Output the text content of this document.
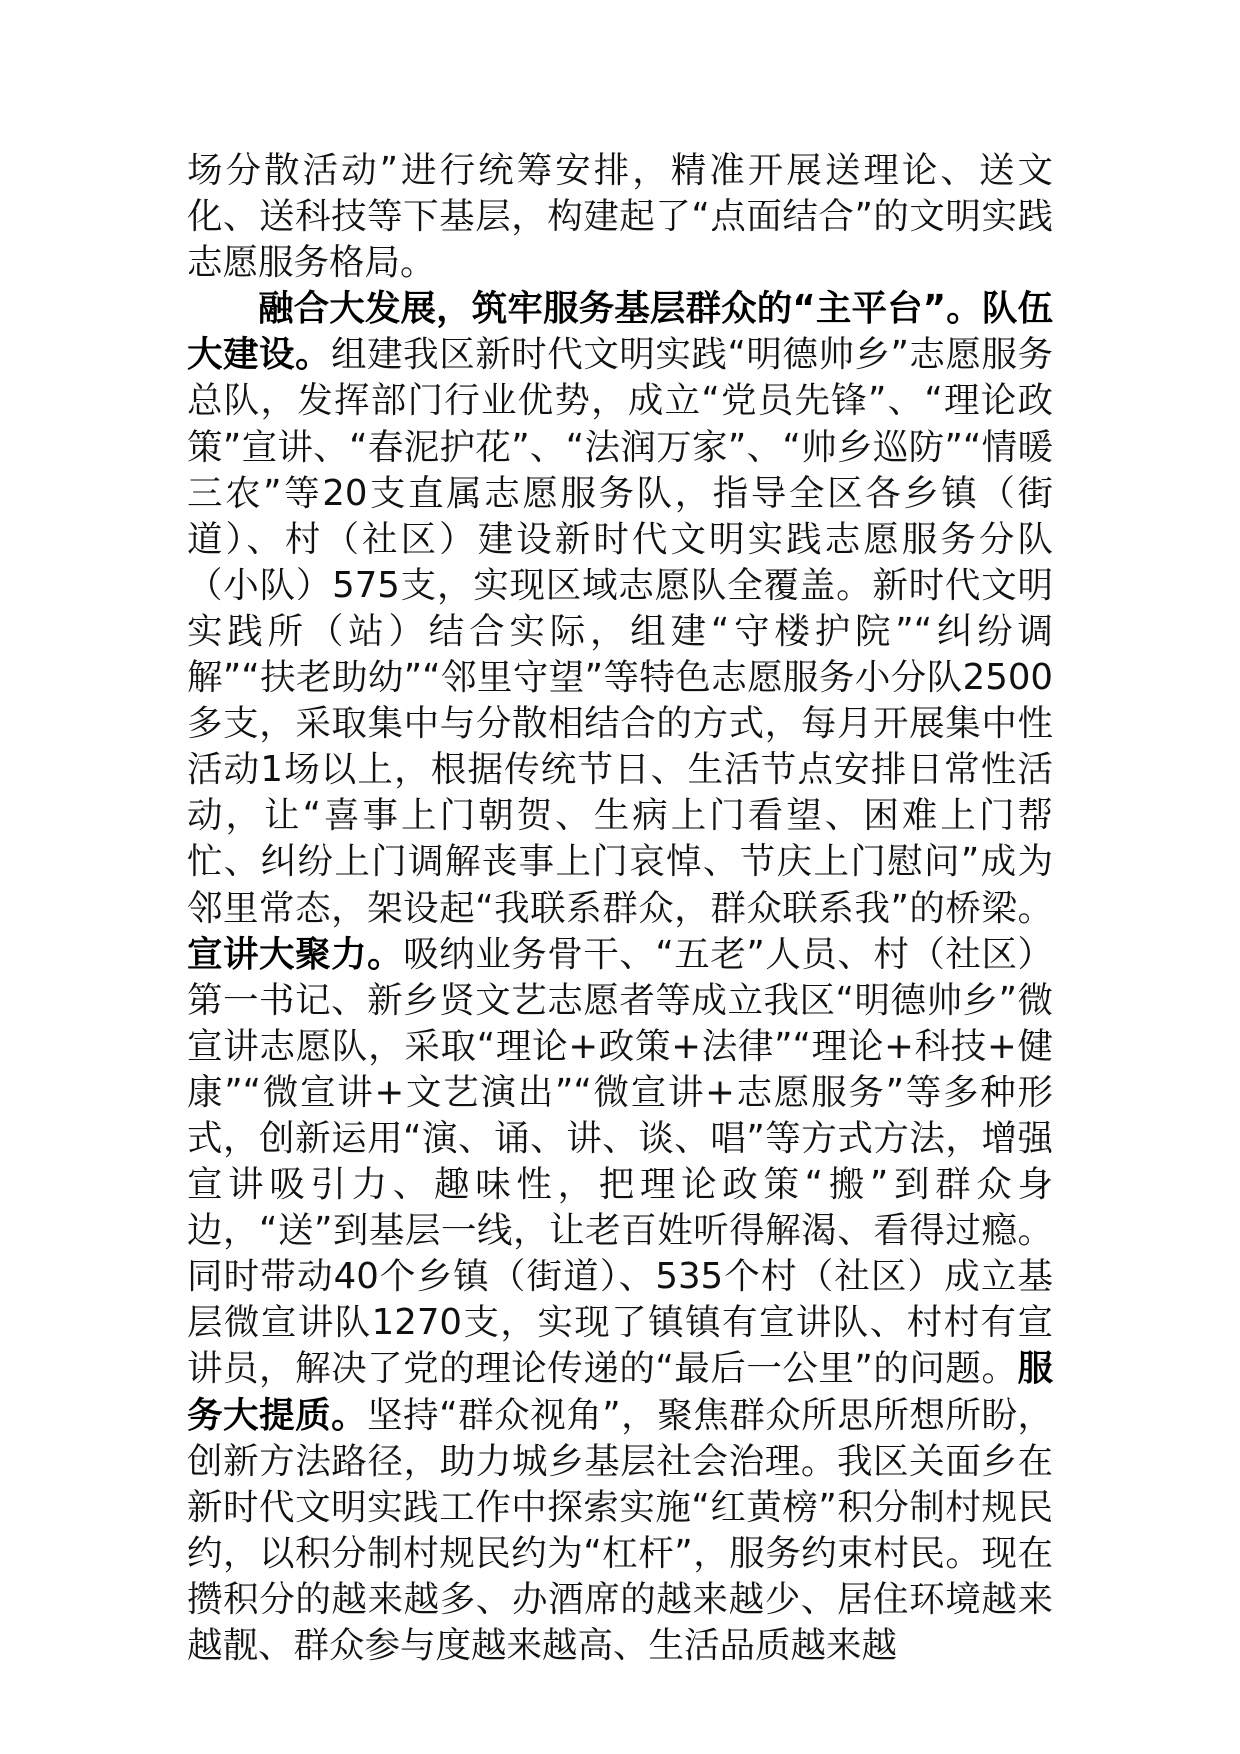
场分散活动”进行统筹安排，精准开展送理论、送文化、送科技等下基层，构建起了“点面结合”的文明实践志愿服务格局。

融合大发展，筑牢服务基层群众的“主平台”。队伍大建设。组建我区新时代文明实践“明德帅乡”志愿服务总队，发挥部门行业优势，成立“党员先锋”、“理论政策”宣讲、“春泥护花”、“法润万家”、“帅乡巡防”“情暖三农”等20支直属志愿服务队，指导全区各乡镇（街道）、村（社区）建设新时代文明实践志愿服务分队（小队）575支，实现区域志愿队全覆盖。新时代文明实践所（站）结合实际，组建“守楼护院”“纠纷调解”“扶老助幼”“邻里守望”等特色志愿服务小分队2500多支，采取集中与分散相结合的方式，每月开展集中性活动1场以上，根据传统节日、生活节点安排日常性活动，让“喜事上门朝贺、生病上门看望、困难上门帮忙、纠纷上门调解丧事上门哀悼、节庆上门慰问”成为邻里常态，架设起“我联系群众，群众联系我”的桥梁。宣讲大聚力。吸纳业务骨干、“五老”人员、村（社区）第一书记、新乡贤文艺志愿者等成立我区“明德帅乡”微宣讲志愿队，采取“理论+政策+法律”“理论+科技+健康”“微宣讲+文艺演出”“微宣讲+志愿服务”等多种形式，创新运用“演、诵、讲、谈、唱”等方式方法，增强宣讲吸引力、趣味性，把理论政策“搬”到群众身边，“送”到基层一线，让老百姓听得解渴、看得过瘾。同时带动40个乡镇（街道）、535个村（社区）成立基层微宣讲队1270支，实现了镇镇有宣讲队、村村有宣讲员，解决了党的理论传递的“最后一公里”的问题。服务大提质。坚持“群众视角”，聚焦群众所思所想所盼，创新方法路径，助力城乡基层社会治理。我区关面乡在新时代文明实践工作中探索实施“红黄榜”积分制村规民约，以积分制村规民约为“杠杆”，服务约束村民。现在攒积分的越来越多、办酒席的越来越少、居住环境越来越靓、群众参与度越来越高、生活品质越来越
